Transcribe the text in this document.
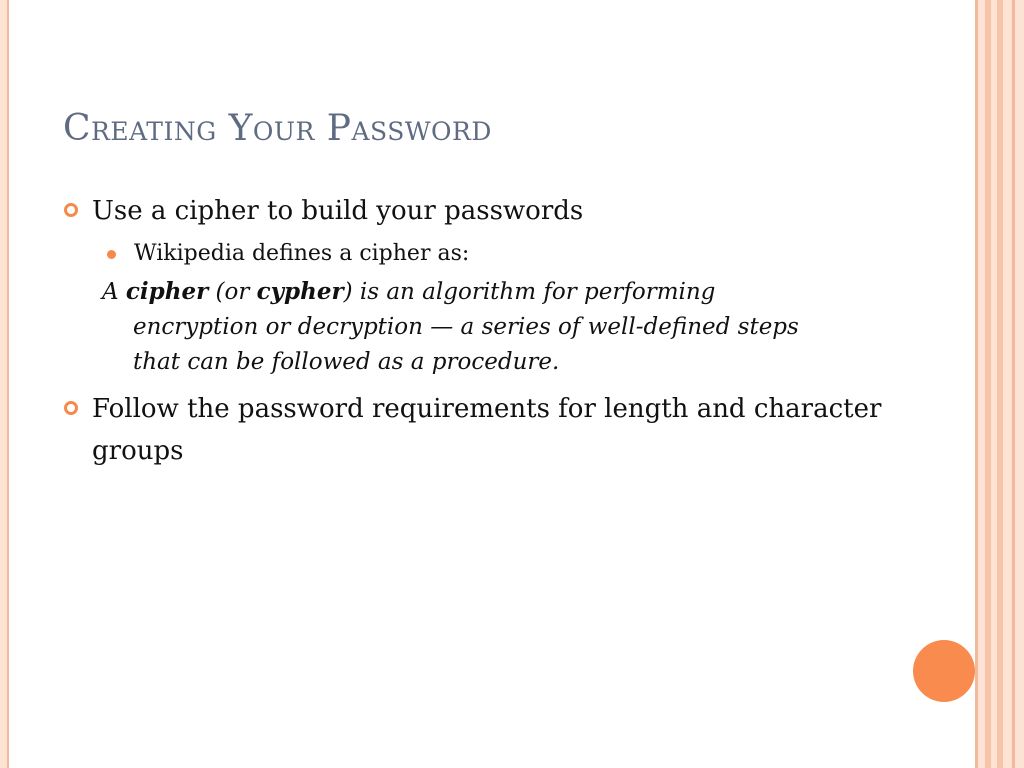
Creating Your Password
Use a cipher to build your passwords
Wikipedia defines a cipher as:
A cipher (or cypher) is an algorithm for performing encryption or decryption — a series of well-defined steps that can be followed as a procedure.
Follow the password requirements for length and character groups
